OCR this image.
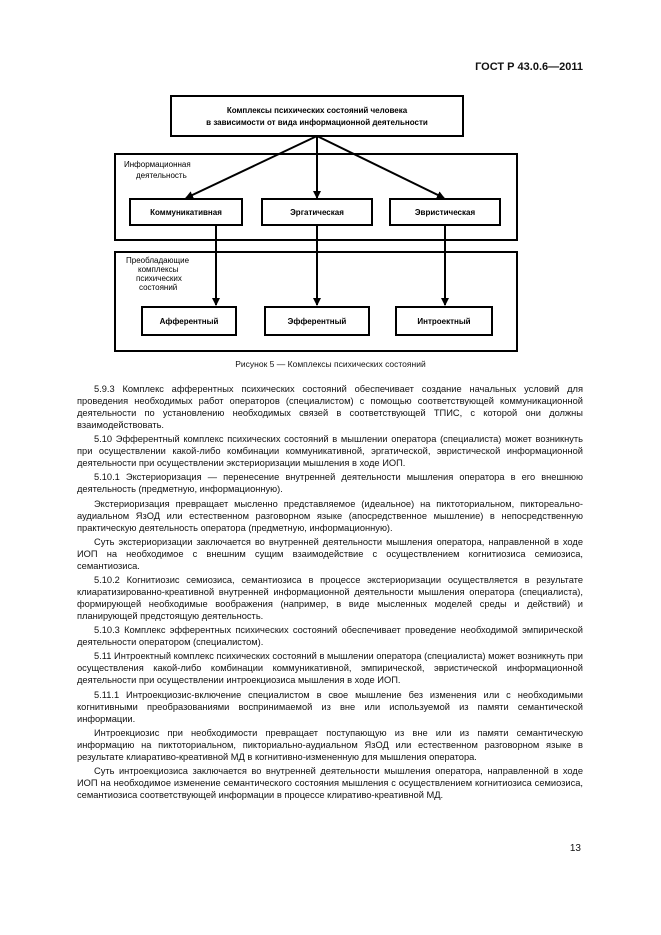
ГОСТ Р 43.0.6—2011
Комплексы психических состояний человека
в зависимости от вида информационной деятельности
Информационная
деятельность
Коммуникативная	Эргатическая	Эвристическая
Преобладающие
комплексы
психических
состояний
Афферентный	Эфферентный	Интроектный
Рисунок 5 — Комплексы психических состояний

5.9.3 Комплекс афферентных психических состояний обеспечивает создание начальных условий для проведения необходимых работ операторов (специалистом) с помощью соответствующей коммуникационной деятельности по установлению необходимых связей в соответствующей ТПИС, с которой они должны взаимодействовать.

5.10 Эфферентный комплекс психических состояний в мышлении оператора (специалиста) может возникнуть при осуществлении какой-либо комбинации коммуникативной, эргатической, эвристической информационной деятельности при осуществлении экстериоризации мышления в ходе ИОП.

5.10.1 Экстериоризация — перенесение внутренней деятельности мышления оператора в его внешнюю деятельность (предметную, информационную).

Экстериоризация превращает мысленно представляемое (идеальное) на пиктоториальном, пиктореально-аудиальном ЯзОД или естественном разговорном языке (апосредственное мышление) в непосредственную практическую деятельность оператора (предметную, информационную).

Суть экстериоризации заключается во внутренней деятельности мышления оператора, направленной в ходе ИОП на необходимое с внешним сущим взаимодействие с осуществлением когнитиозиса семиозиса, семантиозиса.

5.10.2 Когнитиозис семиозиса, семантиозиса в процессе экстериоризации осуществляется в результате клиаратизированно-креативной внутренней информационной деятельности мышления оператора (специалиста), формирующей необходимые воображения (например, в виде мысленных моделей среды и действий) и планирующей предстоящую деятельность.

5.10.3 Комплекс эфферентных психических состояний обеспечивает проведение необходимой эмпирической деятельности оператором (специалистом).

5.11 Интроектный комплекс психических состояний в мышлении оператора (специалиста) может возникнуть при осуществления какой-либо комбинации коммуникативной, эмпирической, эвристической информационной деятельности при осуществлении интроекциозиса мышления в ходе ИОП.

5.11.1 Интроекциозис-включение специалистом в свое мышление без изменения или с необходимыми когнитивными преобразованиями воспринимаемой из вне или используемой из памяти семантической информации.

Интроекциозис при необходимости превращает поступающую из вне или из памяти семантическую информацию на пиктоториальном, пикториально-аудиальном ЯзОД или естественном разговорном языке в результате клиаративо-креативной МД в когнитивно-измененную для мышления оператора.

Суть интроекциозиса заключается во внутренней деятельности мышления оператора, направленной в ходе ИОП на необходимое изменение семантического состояния мышления с осуществлением когнитиозиса семиозиса, семантиозиса соответствующей информации в процессе клиративо-креативной МД.

13
